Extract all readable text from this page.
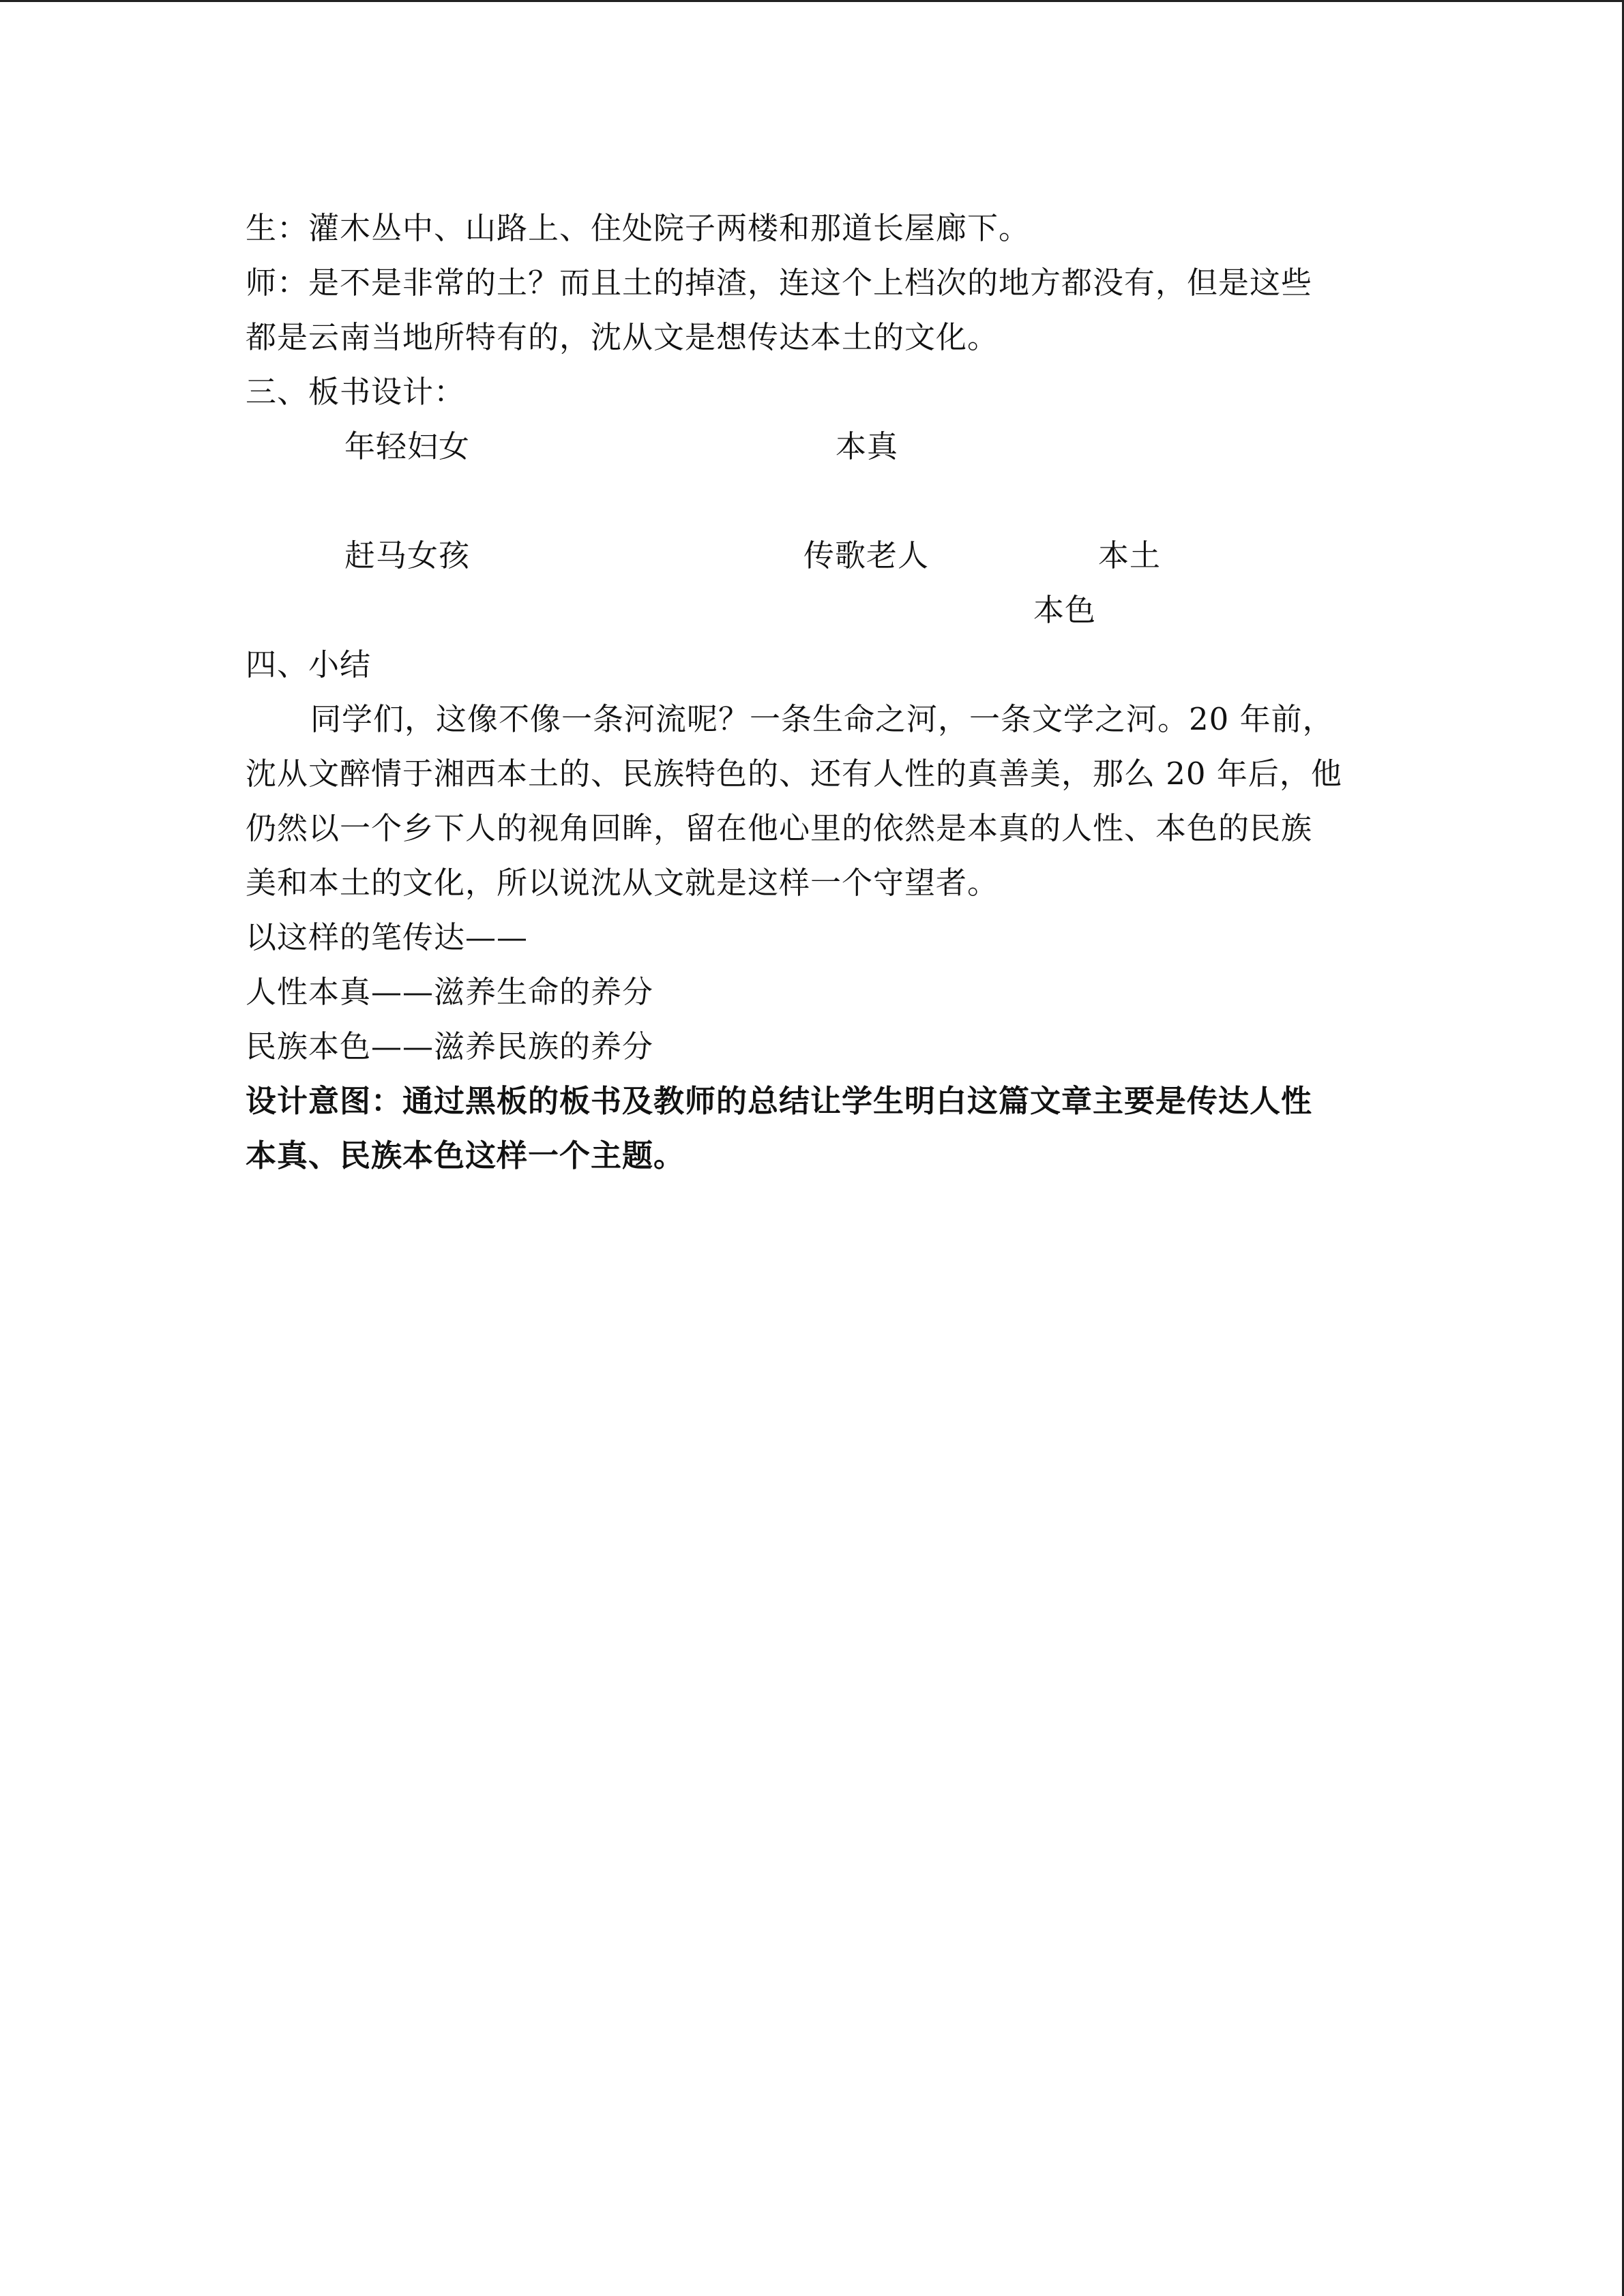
生：灌木丛中、山路上、住处院子两楼和那道长屋廊下。
师：是不是非常的土？而且土的掉渣，连这个上档次的地方都没有，但是这些
都是云南当地所特有的，沈从文是想传达本土的文化。
三、板书设计：
年轻妇女	本真
赶马女孩	传歌老人	本土
本色
四、小结
同学们，这像不像一条河流呢？一条生命之河，一条文学之河。20 年前，
沈从文醉情于湘西本土的、民族特色的、还有人性的真善美，那么 20 年后，他
仍然以一个乡下人的视角回眸，留在他心里的依然是本真的人性、本色的民族
美和本土的文化，所以说沈从文就是这样一个守望者。
以这样的笔传达——
人性本真——滋养生命的养分
民族本色——滋养民族的养分
设计意图：通过黑板的板书及教师的总结让学生明白这篇文章主要是传达人性
本真、民族本色这样一个主题。
